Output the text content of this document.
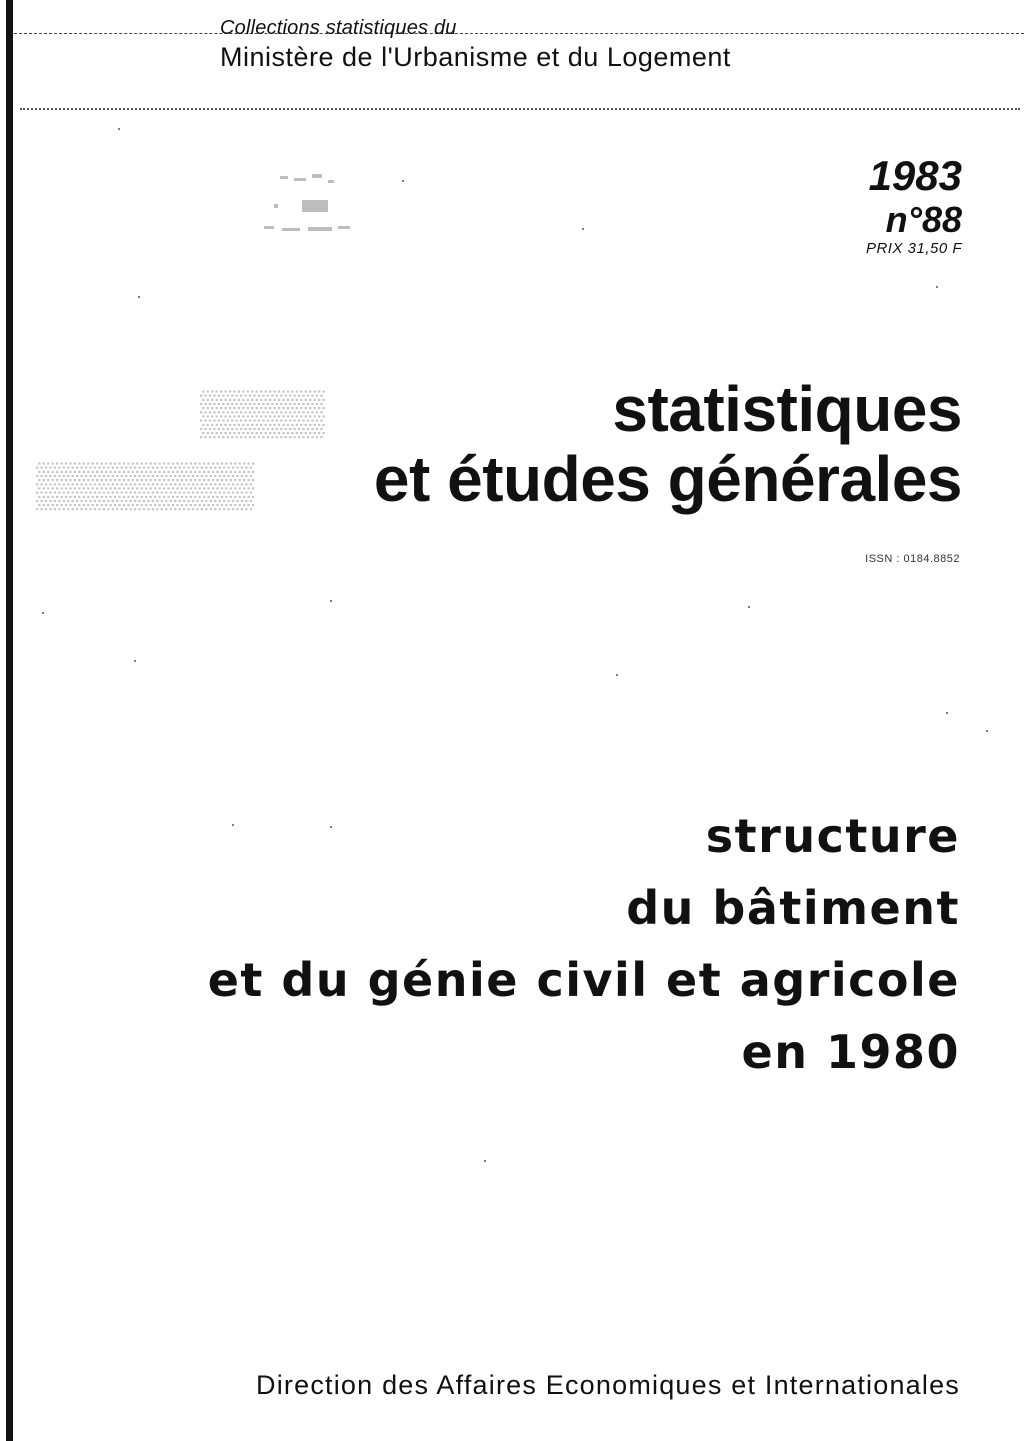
Collections statistiques du
Ministère de l'Urbanisme et du Logement
1983
n°88
PRIX 31,50 F
▒▒▒▒
▒▒▒▒▒▒▒
statistiques
et études générales
ISSN : 0184.8852
structure
du bâtiment
et du génie civil et agricole
en 1980
Direction des Affaires Economiques et Internationales
